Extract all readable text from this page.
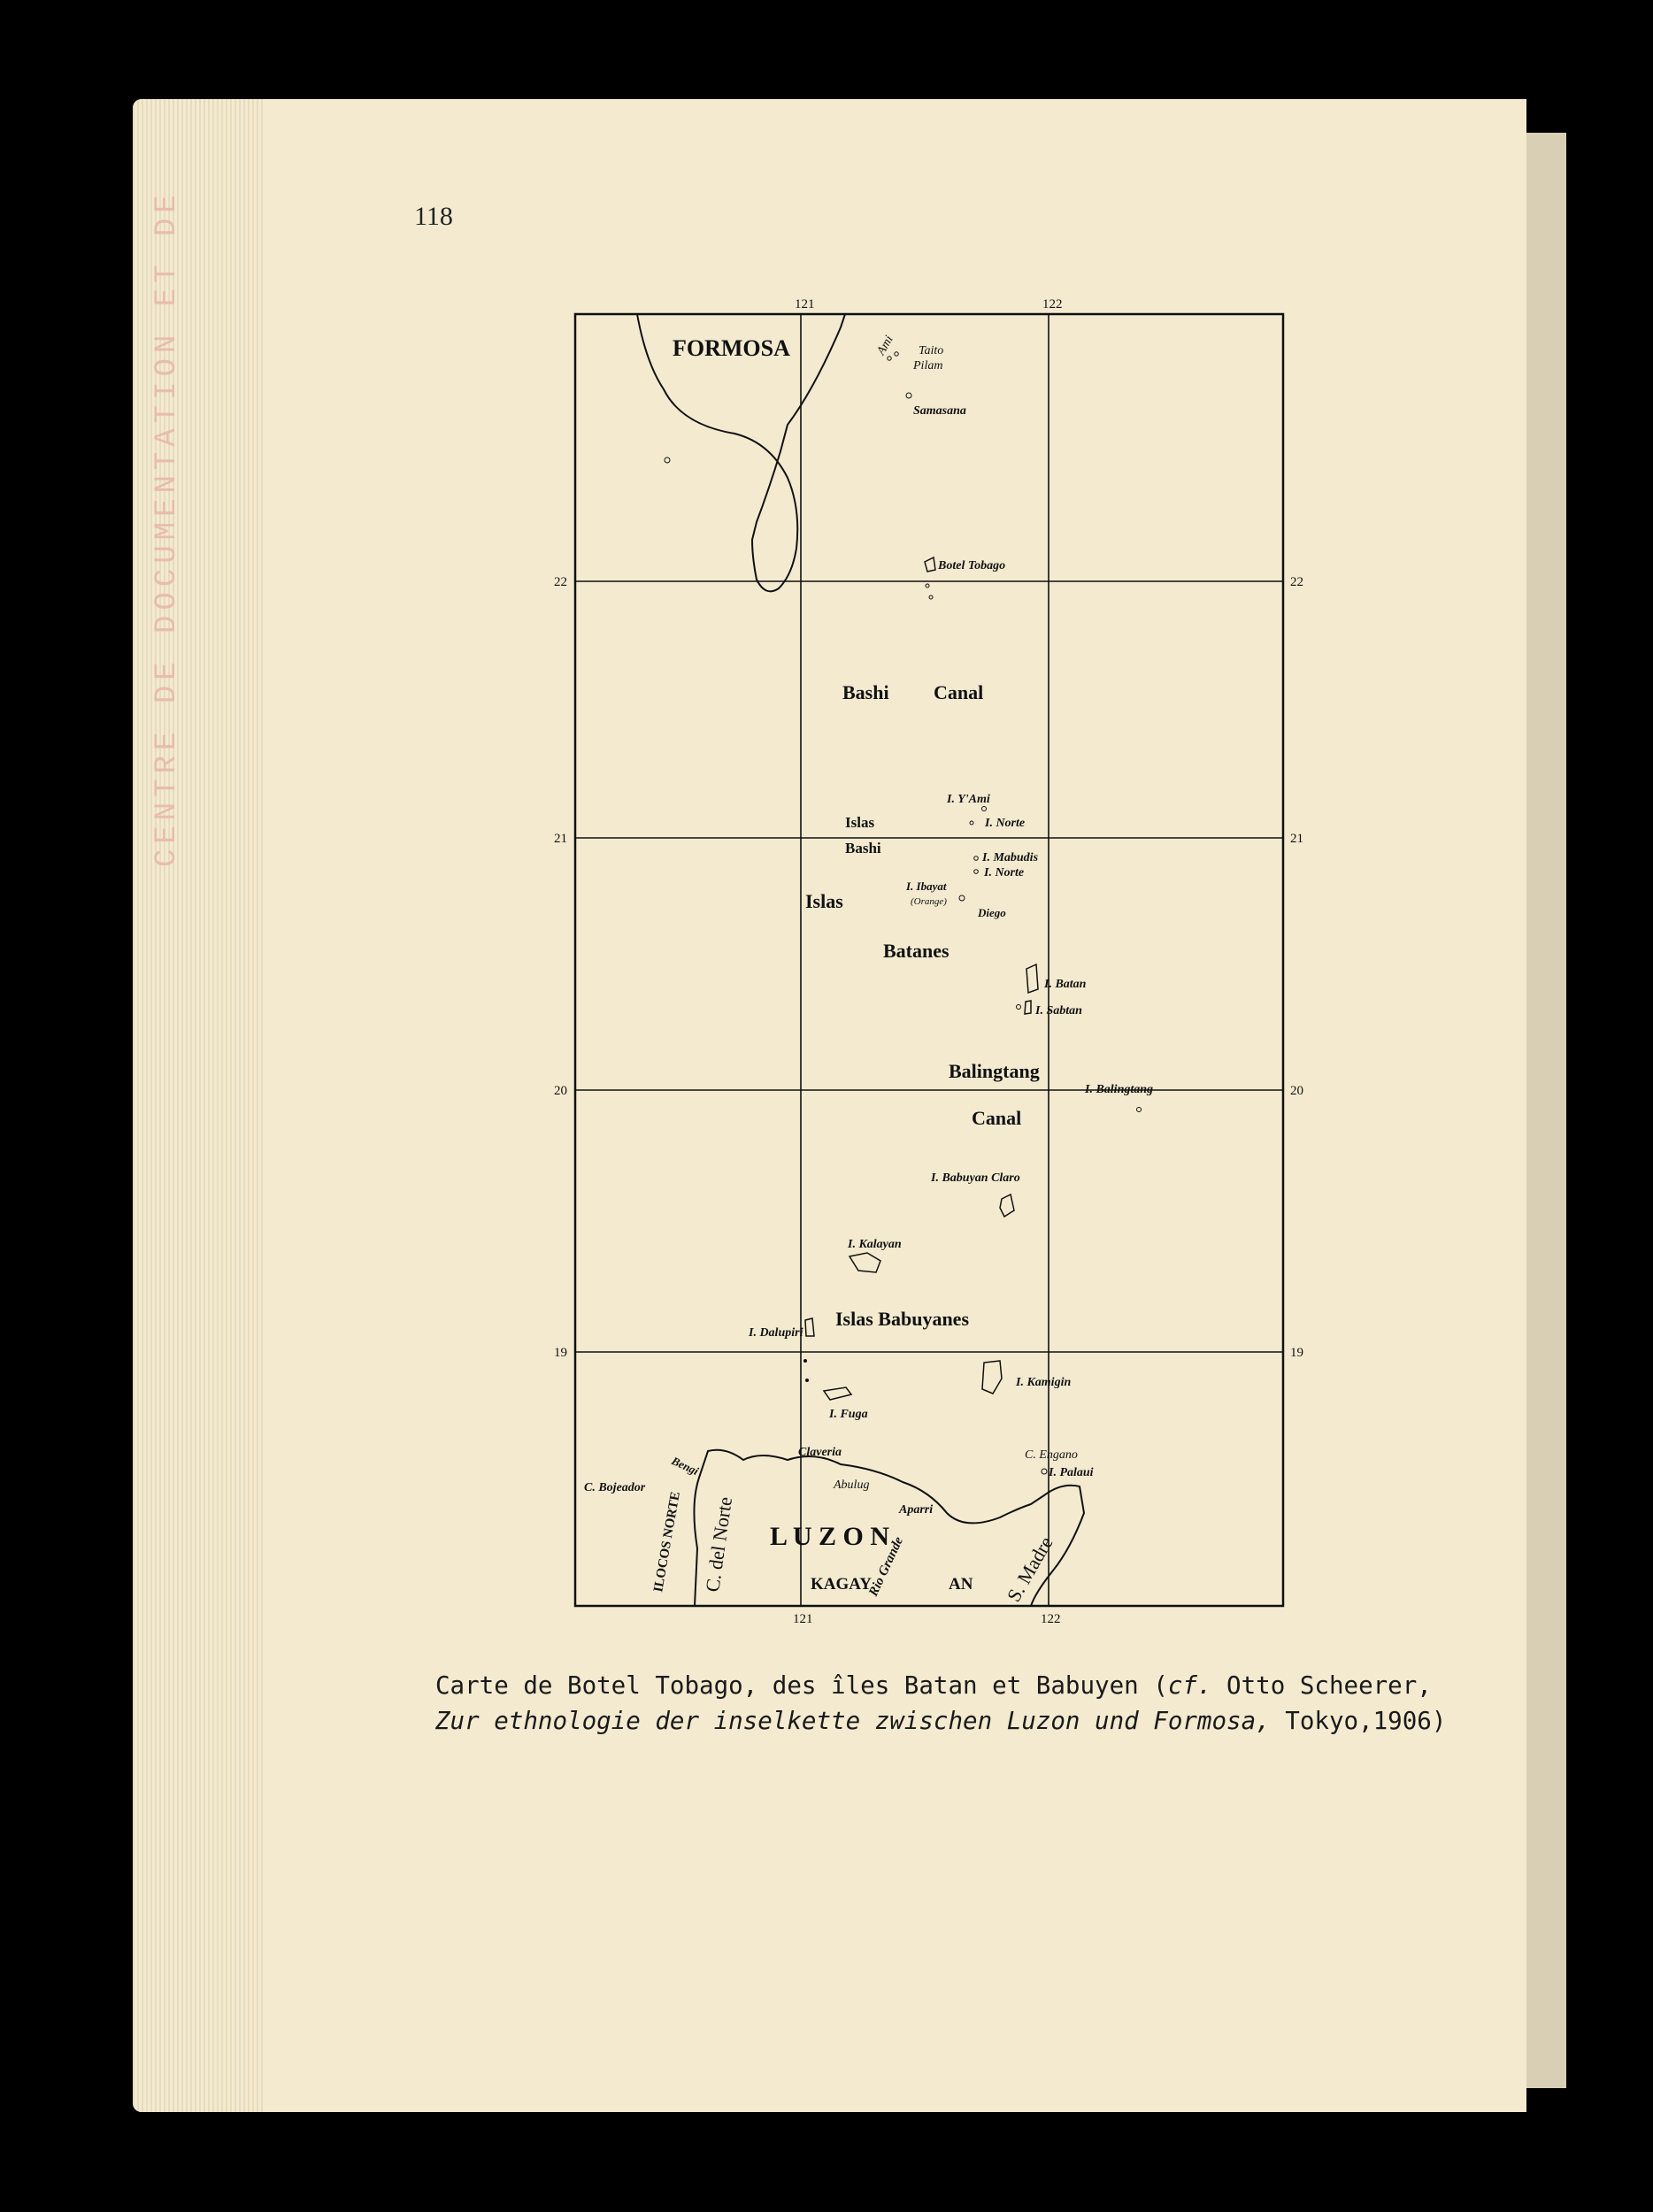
CENTRE DE DOCUMENTATION ET DE	118
121	122
121	122
22
21
20
19
22
21
20
19
FORMOSA	Ami Taito
Pilam
Samasana
Botel Tobago
Bashi Canal
I. Y'Ami
Islas	I. Norte
Bashi
I. Mabudis
I. Norte
I. Ibayat
(Orange)
Islas
Diego
Batanes
I. Batan
I. Sabtan
Balingtang
I. Balingtang
Canal
I. Babuyan Claro
I. Kalayan
I. Dalupiri
Islas Babuyanes
I. Kamigin
I. Fuga
Bengi
Claveria	C. Engano
I. Palaui
C. Bojeador	Abulug
Aparri
ILOCOS NORTE C. del Norte L U Z O N
Rio Grande
KAGAY	AN S. Madre
Carte de Botel Tobago, des îles Batan et Babuyen (cf. Otto Scheerer,
Zur ethnologie der inselkette zwischen Luzon und Formosa, Tokyo,1906)
